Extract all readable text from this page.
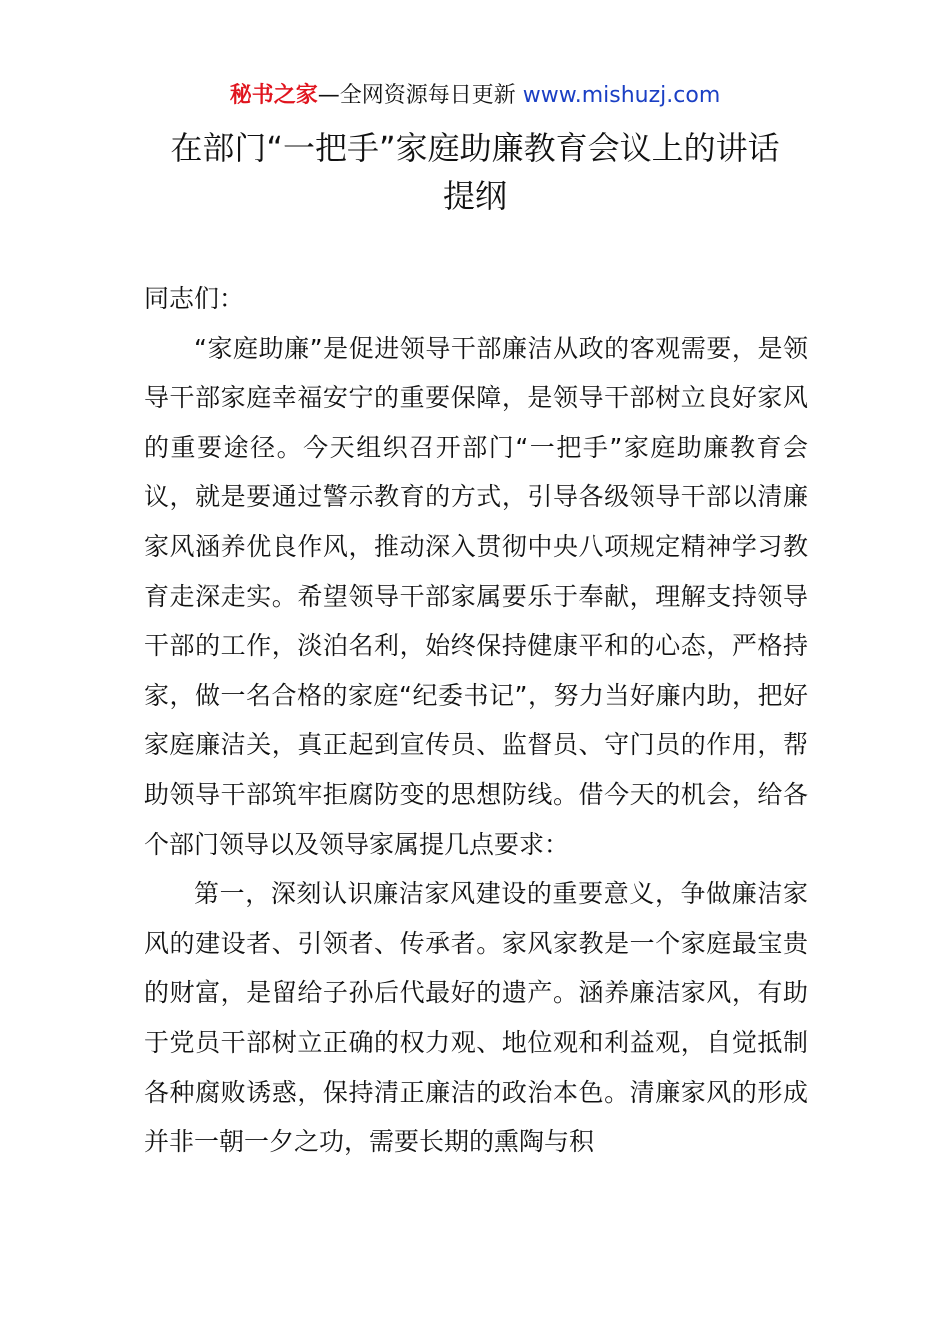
秘书之家—全网资源每日更新 www.mishuzj.com
在部门“一把手”家庭助廉教育会议上的讲话
提纲

同志们：

“家庭助廉”是促进领导干部廉洁从政的客观需要，是领导干部家庭幸福安宁的重要保障，是领导干部树立良好家风的重要途径。今天组织召开部门“一把手”家庭助廉教育会议，就是要通过警示教育的方式，引导各级领导干部以清廉家风涵养优良作风，推动深入贯彻中央八项规定精神学习教育走深走实。希望领导干部家属要乐于奉献，理解支持领导干部的工作，淡泊名利，始终保持健康平和的心态，严格持家，做一名合格的家庭“纪委书记”，努力当好廉内助，把好家庭廉洁关，真正起到宣传员、监督员、守门员的作用，帮助领导干部筑牢拒腐防变的思想防线。借今天的机会，给各个部门领导以及领导家属提几点要求：

第一，深刻认识廉洁家风建设的重要意义，争做廉洁家风的建设者、引领者、传承者。家风家教是一个家庭最宝贵的财富，是留给子孙后代最好的遗产。涵养廉洁家风，有助于党员干部树立正确的权力观、地位观和利益观，自觉抵制各种腐败诱惑，保持清正廉洁的政治本色。清廉家风的形成并非一朝一夕之功，需要长期的熏陶与积
